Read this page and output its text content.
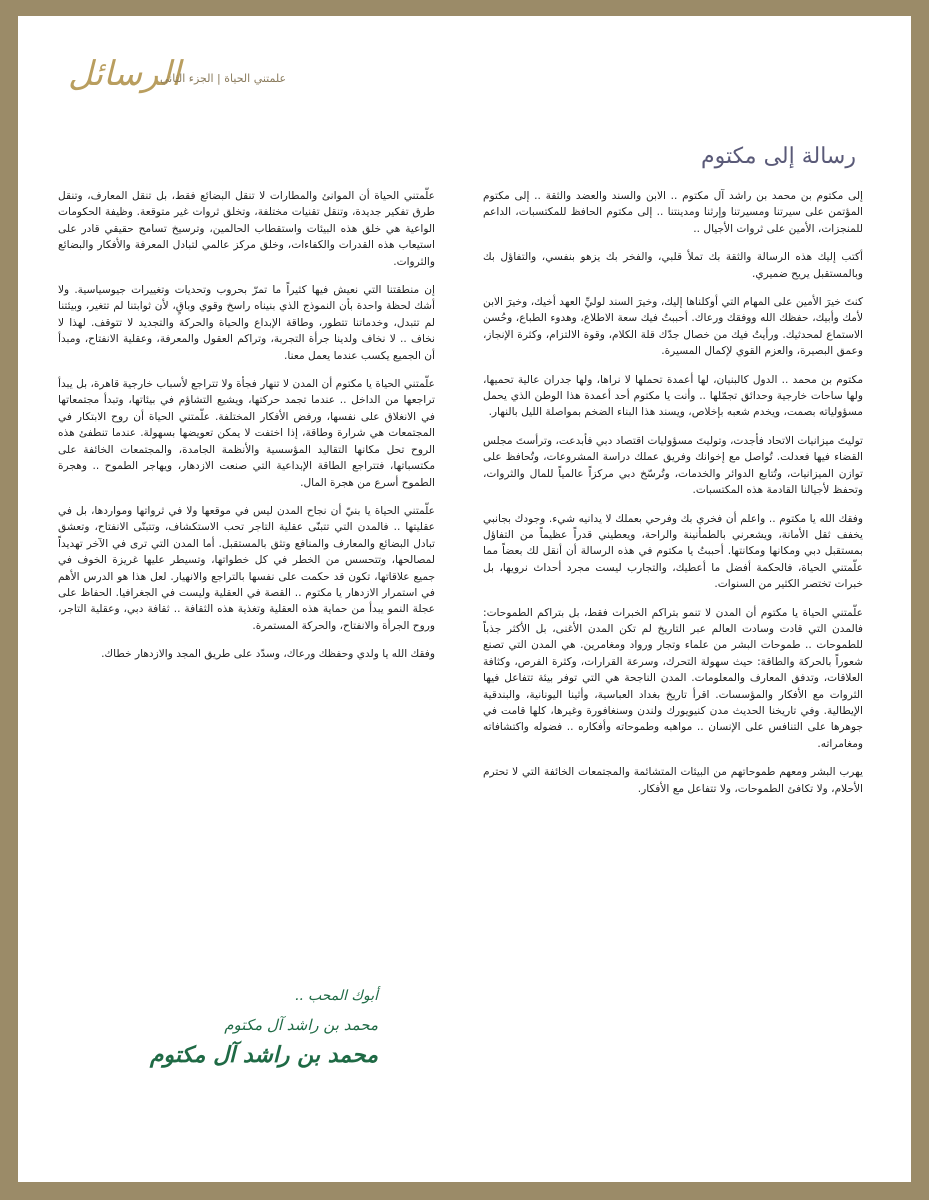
الرسائل
علمتني الحياة | الجزء الثاني
رسالة إلى مكتوم

إلى مكتوم بن محمد بن راشد آل مكتوم .. الابن والسند والعضد والثقة .. إلى مكتوم المؤتمن على سيرتنا ومسيرتنا وإرثنا ومدينتنا .. إلى مكتوم الحافظ للمكتسبات، الداعم للمنجزات، الأمين على ثروات الأجيال ..

أكتب إليك هذه الرسالة والثقة بك تملأ قلبي، والفخر بك يزهو بنفسي، والتفاؤل بك وبالمستقبل يريح ضميري.

كنتَ خيرَ الأمين على المهام التي أوكلناها إليك، وخيرَ السند لوليِّ العهد أخيك، وخيرَ الابن لأمك وأبيك، حفظك الله ووفقك ورعاك. أحببتُ فيك سعة الاطلاع، وهدوء الطباع، وحُسن الاستماع لمحدثيك. ورأيتُ فيك من خصال جدّك قلة الكلام، وقوة الالتزام، وكثرة الإنجاز، وعمق البصيرة، والعزم القوي لإكمال المسيرة.

مكتوم بن محمد .. الدول كالبنيان، لها أعمدة تحملها لا نراها، ولها جدران عالية تحميها، ولها ساحات خارجية وحدائق تجمّلها .. وأنت يا مكتوم أحد أعمدة هذا الوطن الذي يحمل مسؤولياته بصمت، ويخدم شعبه بإخلاص، ويسند هذا البناء الضخم بمواصلة الليل بالنهار.

توليتَ ميزانيات الاتحاد فأجدت، وتوليتَ مسؤوليات اقتصاد دبي فأبدعت، وترأستَ مجلس القضاء فيها فعدلت. تُواصل مع إخوانك وفريق عملك دراسة المشروعات، وتُحافظ على توازن الميزانيات، وتُتابع الدوائر والخدمات، وتُرسّخ دبي مركزاً عالمياً للمال والثروات، وتحفظ لأجيالنا القادمة هذه المكتسبات.

وفقك الله يا مكتوم .. واعلم أن فخري بك وفرحي بعملك لا يدانيه شيء. وجودك بجانبي يخفف ثقل الأمانة، ويشعرني بالطمأنينة والراحة، ويعطيني قدراً عظيماً من التفاؤل بمستقبل دبي ومكانها ومكانتها. أحببتُ يا مكتوم في هذه الرسالة أن أنقل لك بعضاً مما علّمتني الحياة، فالحكمة أفضل ما أعطيك، والتجارب ليست مجرد أحداث نرويها، بل خبرات تختصر الكثير من السنوات.

علّمتني الحياة يا مكتوم أن المدن لا تنمو بتراكم الخبرات فقط، بل بتراكم الطموحات: فالمدن التي قادت وسادت العالم عبر التاريخ لم تكن المدن الأغنى، بل الأكثر جذباً للطموحات .. طموحات البشر من علماء وتجار ورواد ومغامرين. هي المدن التي تصنع شعوراً بالحركة والطاقة: حيث سهولة التحرك، وسرعة القرارات، وكثرة الفرص، وكثافة العلاقات، وتدفق المعارف والمعلومات. المدن الناجحة هي التي توفر بيئة تتفاعل فيها الثروات مع الأفكار والمؤسسات. اقرأ تاريخ بغداد العباسية، وأثينا اليونانية، والبندقية الإيطالية. وفي تاريخنا الحديث مدن كنيويورك ولندن وسنغافورة وغيرها، كلها قامت في جوهرها على التنافس على الإنسان .. مواهبه وطموحاته وأفكاره .. فضوله واكتشافاته ومغامراته.

يهرب البشر ومعهم طموحاتهم من البيئات المتشائمة والمجتمعات الخائفة التي لا تحترم الأحلام، ولا تكافئ الطموحات، ولا تتفاعل مع الأفكار.

علّمتني الحياة أن الموانئ والمطارات لا تنقل البضائع فقط، بل تنقل المعارف، وتنقل طرق تفكير جديدة، وتنقل تقنيات مختلفة، وتخلق ثروات غير متوقعة. وظيفة الحكومات الواعية هي خلق هذه البيئات واستقطاب الحالمين، وترسيخ تسامح حقيقي قادر على استيعاب هذه القدرات والكفاءات، وخلق مركز عالمي لتبادل المعرفة والأفكار والبضائع والثروات.

إن منطقتنا التي نعيش فيها كثيراً ما تمرّ بحروب وتحديات وتغييرات جيوسياسية. ولا أشك لحظة واحدة بأن النموذج الذي بنيناه راسخ وقوي وباقٍ، لأن ثوابتنا لم تتغير، وبيئتنا لم تتبدل، وخدماتنا تتطور، وطاقة الإبداع والحياة والحركة والتجديد لا تتوقف. لهذا لا نخاف .. لا نخاف ولدينا جرأة التجربة، وتراكم العقول والمعرفة، وعقلية الانفتاح، ومبدأ أن الجميع يكسب عندما يعمل معنا.

علّمتني الحياة يا مكتوم أن المدن لا تنهار فجأة ولا تتراجع لأسباب خارجية قاهرة، بل يبدأ تراجعها من الداخل .. عندما تجمد حركتها، ويشيع التشاؤم في بيئاتها، وتبدأ مجتمعاتها في الانغلاق على نفسها، ورفض الأفكار المختلفة. علّمتني الحياة أن روح الابتكار في المجتمعات هي شرارة وطاقة، إذا اختفت لا يمكن تعويضها بسهولة. عندما تنطفئ هذه الروح تحل مكانها التقاليد المؤسسية والأنظمة الجامدة، والمجتمعات الخائفة على مكتسباتها، فتتراجع الطاقة الإبداعية التي صنعت الازدهار، ويهاجر الطموح .. وهجرة الطموح أسرع من هجرة المال.

علّمتني الحياة يا بنيّ أن نجاح المدن ليس في موقعها ولا في ثرواتها ومواردها، بل في عقليتها .. فالمدن التي تتبنّى عقلية التاجر تحب الاستكشاف، وتتبنّى الانفتاح، وتعشق تبادل البضائع والمعارف والمنافع وتثق بالمستقبل. أما المدن التي ترى في الآخر تهديداً لمصالحها، وتتحسس من الخطر في كل خطواتها، وتسيطر عليها غريزة الخوف في جميع علاقاتها، تكون قد حكمت على نفسها بالتراجع والانهيار. لعل هذا هو الدرس الأهم في استمرار الازدهار يا مكتوم .. القصة في العقلية وليست في الجغرافيا. الحفاظ على عجلة النمو يبدأ من حماية هذه العقلية وتغذية هذه الثقافة .. ثقافة دبي، وعقلية التاجر، وروح الجرأة والانفتاح، والحركة المستمرة.

وفقك الله يا ولدي وحفظك ورعاك، وسدّد على طريق المجد والازدهار خطاك.

أبوك المحب ..
محمد بن راشد آل مكتوم
محمد بن راشد آل مكتوم
